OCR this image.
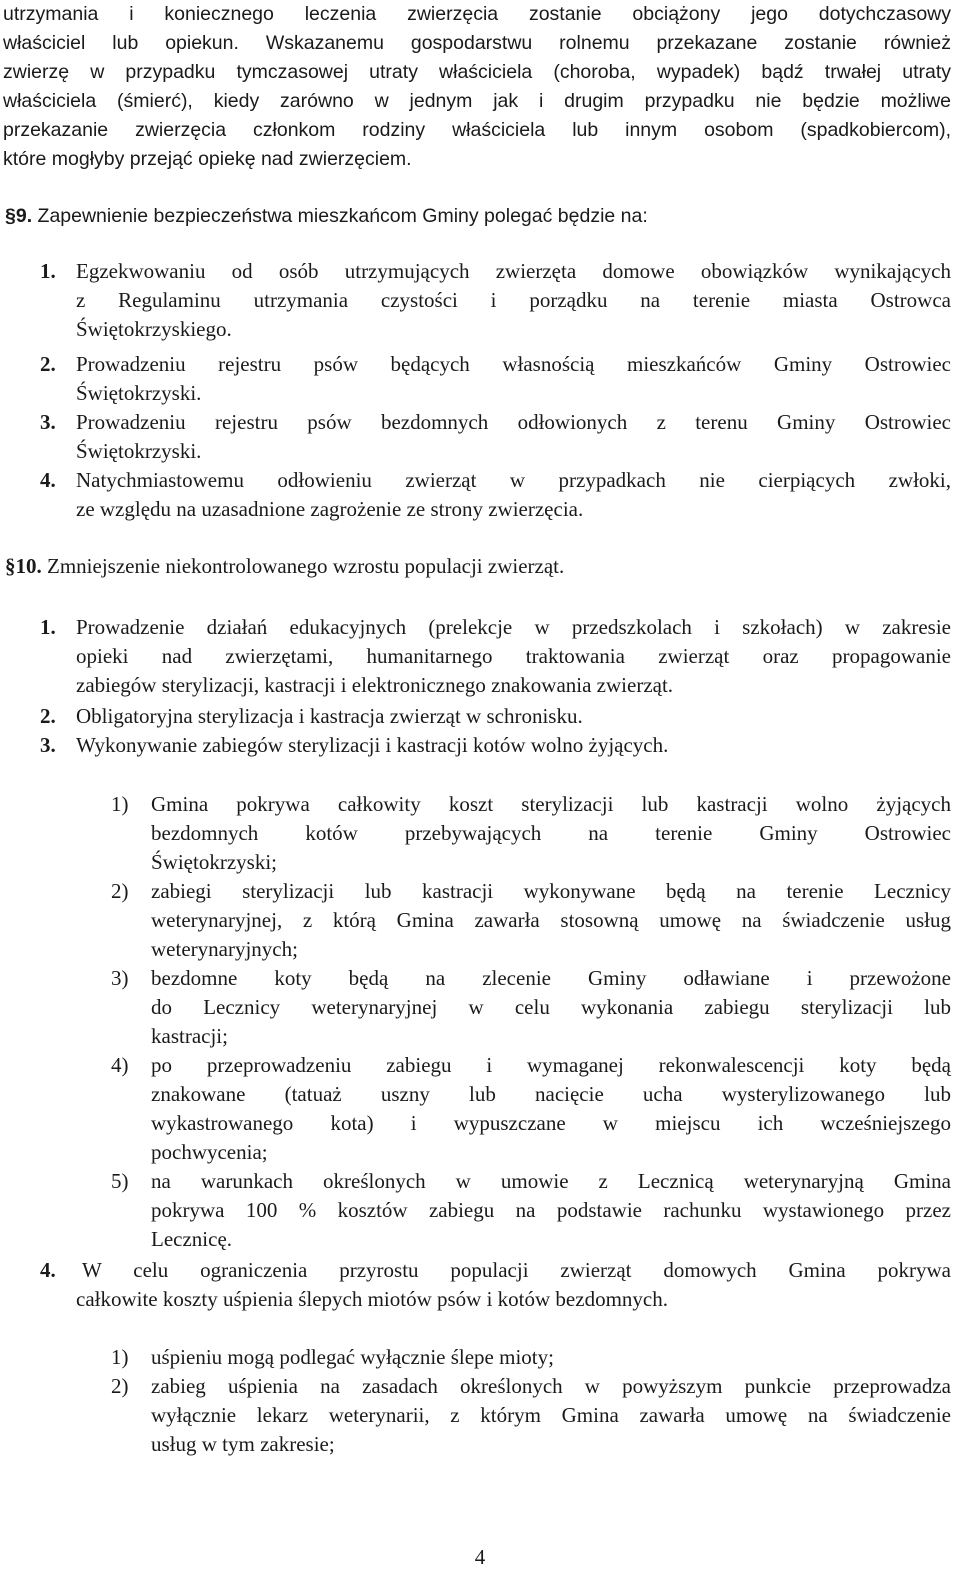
utrzymania i koniecznego leczenia zwierzęcia zostanie obciążony jego dotychczasowy
właściciel lub opiekun. Wskazanemu gospodarstwu rolnemu przekazane zostanie również
zwierzę w przypadku tymczasowej utraty właściciela (choroba, wypadek) bądź trwałej utraty
właściciela (śmierć), kiedy zarówno w jednym jak i drugim przypadku nie będzie możliwe
przekazanie zwierzęcia członkom rodziny właściciela lub innym osobom (spadkobiercom),
które mogłyby przejąć opiekę nad zwierzęciem.
§9. Zapewnienie bezpieczeństwa mieszkańcom Gminy polegać będzie na:
1. Egzekwowaniu od osób utrzymujących zwierzęta domowe obowiązków wynikających
z Regulaminu utrzymania czystości i porządku na terenie miasta Ostrowca
Świętokrzyskiego.
2. Prowadzeniu rejestru psów będących własnością mieszkańców Gminy Ostrowiec
Świętokrzyski.
3. Prowadzeniu rejestru psów bezdomnych odłowionych z terenu Gminy Ostrowiec
Świętokrzyski.
4. Natychmiastowemu odłowieniu zwierząt w przypadkach nie cierpiących zwłoki,
ze względu na uzasadnione zagrożenie ze strony zwierzęcia.
§10. Zmniejszenie niekontrolowanego wzrostu populacji zwierząt.
1. Prowadzenie działań edukacyjnych (prelekcje w przedszkolach i szkołach) w zakresie
opieki nad zwierzętami, humanitarnego traktowania zwierząt oraz propagowanie
zabiegów sterylizacji, kastracji i elektronicznego znakowania zwierząt.
2. Obligatoryjna sterylizacja i kastracja zwierząt w schronisku.
3. Wykonywanie zabiegów sterylizacji i kastracji kotów wolno żyjących.
1) Gmina pokrywa całkowity koszt sterylizacji lub kastracji wolno żyjących
bezdomnych kotów przebywających na terenie Gminy Ostrowiec
Świętokrzyski;
2) zabiegi sterylizacji lub kastracji wykonywane będą na terenie Lecznicy
weterynaryjnej, z którą Gmina zawarła stosowną umowę na świadczenie usług
weterynaryjnych;
3) bezdomne koty będą na zlecenie Gminy odławiane i przewożone
do Lecznicy weterynaryjnej w celu wykonania zabiegu sterylizacji lub
kastracji;
4) po przeprowadzeniu zabiegu i wymaganej rekonwalescencji koty będą
znakowane (tatuaż uszny lub nacięcie ucha wysterylizowanego lub
wykastrowanego kota) i wypuszczane w miejscu ich wcześniejszego
pochwycenia;
5) na warunkach określonych w umowie z Lecznicą weterynaryjną Gmina
pokrywa 100 % kosztów zabiegu na podstawie rachunku wystawionego przez
Lecznicę.
4. W celu ograniczenia przyrostu populacji zwierząt domowych Gmina pokrywa
całkowite koszty uśpienia ślepych miotów psów i kotów bezdomnych.
1) uśpieniu mogą podlegać wyłącznie ślepe mioty;
2) zabieg uśpienia na zasadach określonych w powyższym punkcie przeprowadza
wyłącznie lekarz weterynarii, z którym Gmina zawarła umowę na świadczenie
usług w tym zakresie;
4
